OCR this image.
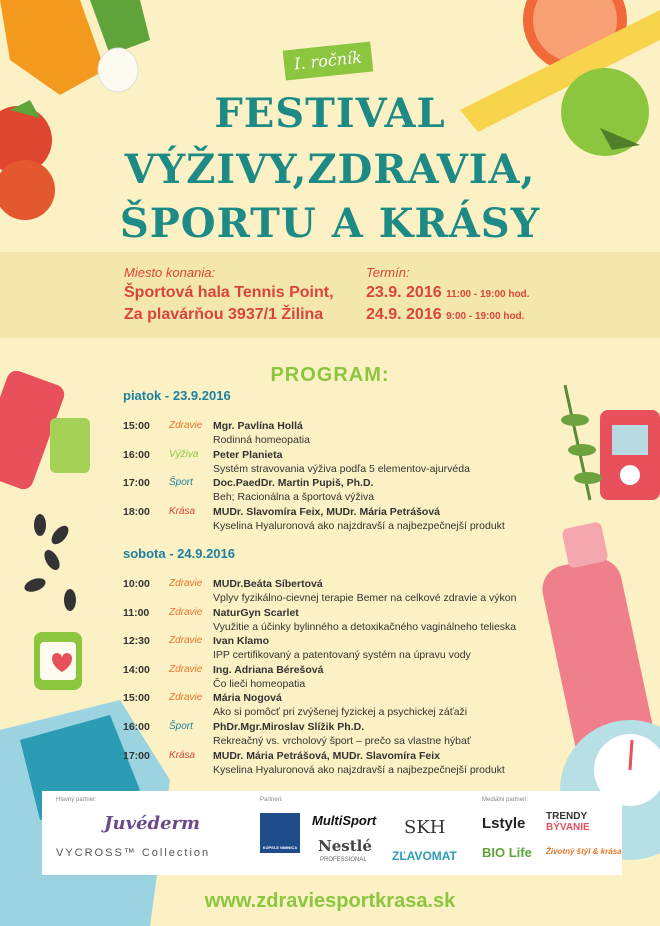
I. ročník
FESTIVAL
VÝŽIVY,ZDRAVIA,
ŠPORTU A KRÁSY
Miesto konania:
Športová hala Tennis Point,
Za plavárňou 3937/1 Žilina
Termín:
23.9. 2016 11:00 - 19:00 hod.
24.9. 2016 9:00 - 19:00 hod.
PROGRAM:
piatok - 23.9.2016
15:00 Zdravie Mgr. Pavlína Hollá
Rodinná homeopatia
16:00 Výživa Peter Planieta
Systém stravovania výživa podľa 5 elementov-ajurvéda
17:00 Šport Doc.PaedDr. Martin Pupiš, Ph.D.
Beh; Racionálna a športová výživa
18:00 Krása MUDr. Slavomíra Feix, MUDr. Mária Petrášová
Kyselina Hyaluronová ako najzdravší a najbezpečnejší produkt
sobota - 24.9.2016
10:00 Zdravie MUDr.Beáta Síbertová
Vplyv fyzikálno-cievnej terapie Bemer na celkové zdravie a výkon
11:00 Zdravie NaturGyn Scarlet
Využitie a účinky bylinného a detoxikačného vaginálneho telieska
12:30 Zdravie Ivan Klamo
IPP certifikovaný a patentovaný systém na úpravu vody
14:00 Zdravie Ing. Adriana Bérešová
Čo lieči homeopatia
15:00 Zdravie Mária Nogová
Ako si pomôcť pri zvýšenej fyzickej a psychickej záťaži
16:00 Šport PhDr.Mgr.Miroslav Slížik Ph.D.
Rekreačný vs. vrcholový šport – prečo sa vlastne hýbať
17:00 Krása MUDr. Mária Petrášová, MUDr. Slavomíra Feix
Kyselina Hyaluronová ako najzdravší a najbezpečnejší produkt
Hlavný partner:
Juvéderm
VYCROSS™ Collection
Partneri:
KÚPELE NIMNICA
MultiSport
Nestlé
PROFESSIONAL
SKH
ZĽAVOMAT
Mediálni partneri:
Lstyle TRENDY
BÝVANIE
BIO Life Životný štýl & krása
www.zdraviesportkrasa.sk
